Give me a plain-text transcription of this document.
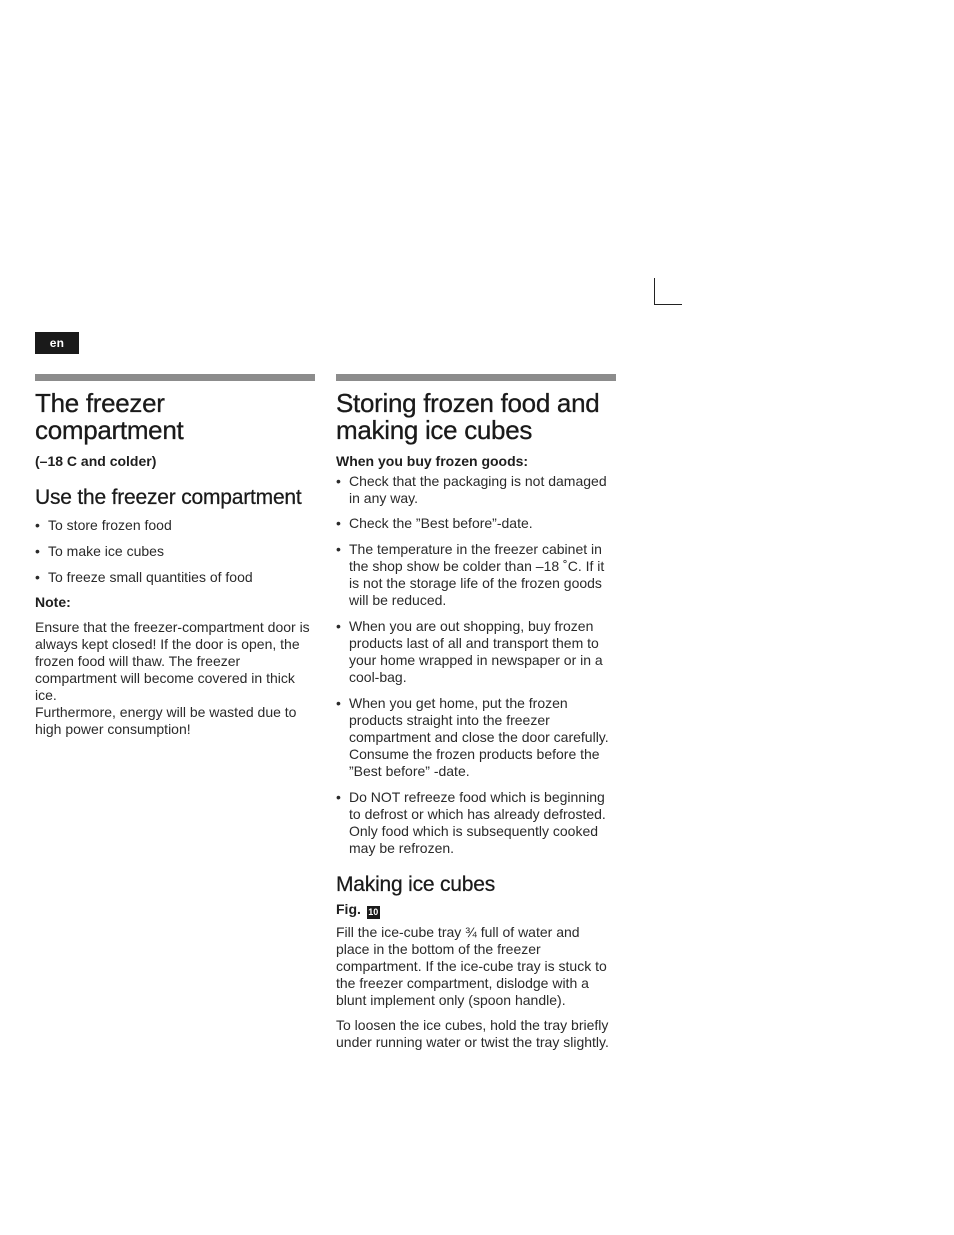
en
The freezer compartment
(–18 C and colder)
Use the freezer compartment
• To store frozen food
• To make ice cubes
• To freeze small quantities of food
Note:

Ensure that the freezer-compartment door is always kept closed! If the door is open, the frozen food will thaw. The freezer compartment will become covered in thick ice.

Furthermore, energy will be wasted due to high power consumption!

Storing frozen food and making ice cubes
When you buy frozen goods:
• Check that the packaging is not damaged in any way.
• Check the ”Best before”-date.
• The temperature in the freezer cabinet in the shop show be colder than –18 ˚C. If it is not the storage life of the frozen goods will be reduced.
• When you are out shopping, buy frozen products last of all and transport them to your home wrapped in newspaper or in a cool-bag.
• When you get home, put the frozen products straight into the freezer compartment and close the door carefully. Consume the frozen products before the ”Best before” -date.
• Do NOT refreeze food which is beginning to defrost or which has already defrosted. Only food which is subsequently cooked may be refrozen.
Making ice cubes
Fig. 10

Fill the ice-cube tray ¾ full of water and place in the bottom of the freezer compartment. If the ice-cube tray is stuck to the freezer compartment, dislodge with a blunt implement only (spoon handle).

To loosen the ice cubes, hold the tray briefly under running water or twist the tray slightly.
